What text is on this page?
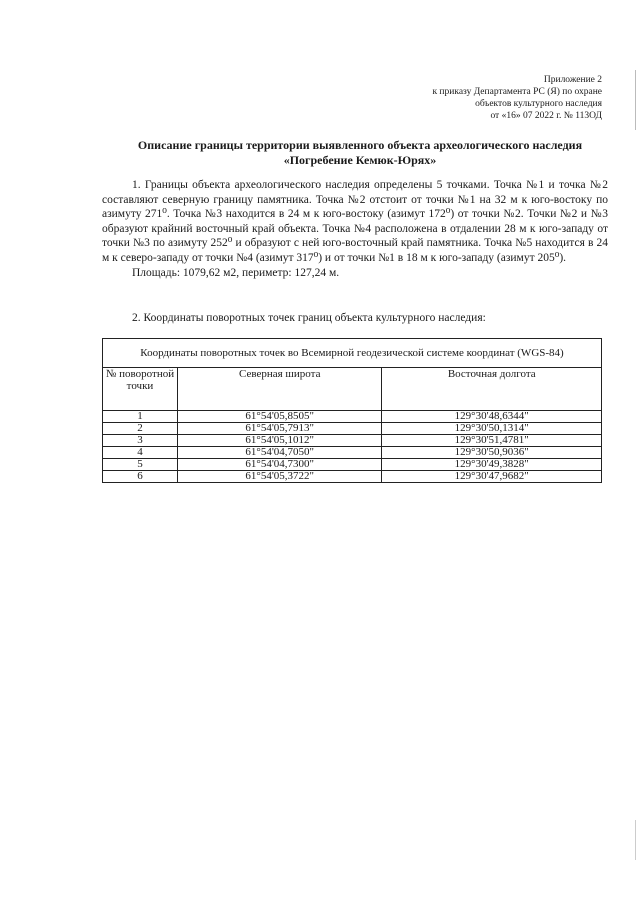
Приложение 2
к приказу Департамента РС (Я) по охране
объектов культурного наследия
от «16» 07 2022 г. № 113ОД
Описание границы территории выявленного объекта археологического наследия
«Погребение Кемюк-Юрях»

1. Границы объекта археологического наследия определены 5 точками. Точка №1 и точка №2 составляют северную границу памятника. Точка №2 отстоит от точки №1 на 32 м к юго-востоку по азимуту 271⁰. Точка №3 находится в 24 м к юго-востоку (азимут 172⁰) от точки №2. Точки №2 и №3 образуют крайний восточный край объекта. Точка №4 расположена в отдалении 28 м к юго-западу от точки №3 по азимуту 252⁰ и образуют с ней юго-восточный край памятника. Точка №5 находится в 24 м к северо-западу от точки №4 (азимут 317⁰) и от точки №1 в 18 м к юго-западу (азимут 205⁰).

Площадь: 1079,62 м2, периметр: 127,24 м.

2. Координаты поворотных точек границ объекта культурного наследия:
Координаты поворотных точек во Всемирной геодезической системе координат (WGS-84)		
№ поворотной точки	Северная широта	Восточная долгота
1	61°54'05,8505"	129°30'48,6344"
2	61°54'05,7913"	129°30'50,1314"
3	61°54'05,1012"	129°30'51,4781"
4	61°54'04,7050"	129°30'50,9036"
5	61°54'04,7300"	129°30'49,3828"
6	61°54'05,3722"	129°30'47,9682"
